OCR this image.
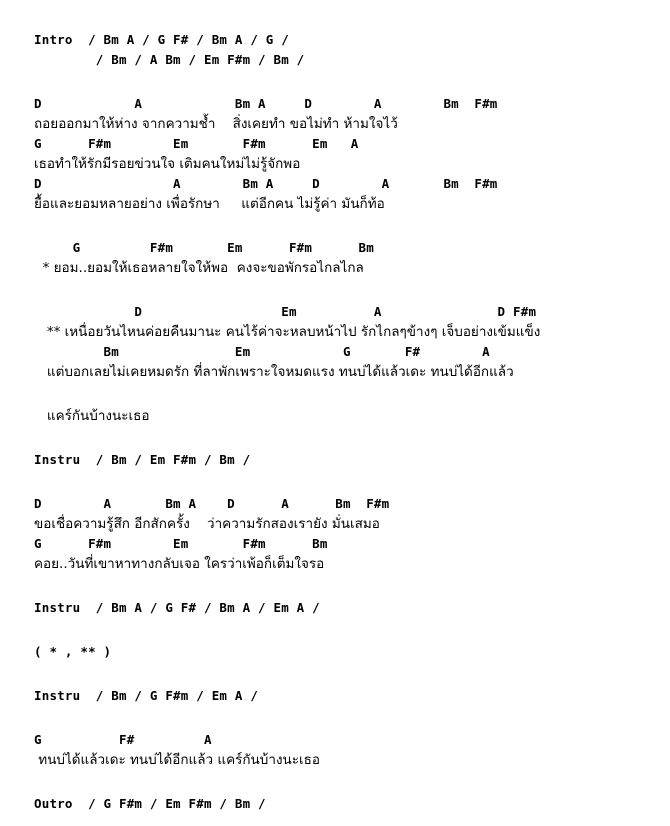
Intro  / Bm A / G F# / Bm A / G /
/ Bm / A Bm / Em F#m / Bm /
D            A            Bm A     D        A        Bm  F#m
ถอยออกมาให้ห่าง จากความช้ำ    สิ่งเคยทำ ขอไม่ทำ ห้ามใจไว้
G      F#m        Em       F#m      Em   A
เธอทำให้รักมีรอยข่วนใจ เติมคนใหม่ไม่รู้จักพอ
D                 A        Bm A     D        A       Bm  F#m
ยื้อและยอมหลายอย่าง เพื่อรักษา     แต่อีกคน ไม่รู้ค่า มันก็ท้อ
G         F#m       Em      F#m      Bm
* ยอม..ยอมให้เธอหลายใจให้พอ  คงจะขอพักรอไกลไกล
D                  Em          A               D F#m
** เหนื่อยวันไหนค่อยคืนมานะ คนไร้ค่าจะหลบหน้าไป รักไกลๆข้างๆ เจ็บอย่างเข้มแข็ง
Bm               Em            G       F#        A
แต่บอกเลยไม่เคยหมดรัก ที่ลาพักเพราะใจหมดแรง ทนบ่ได้แล้วเดะ ทนบ่ได้อีกแล้ว
แคร์กันบ้างนะเธอ
Instru  / Bm / Em F#m / Bm /
D        A       Bm A    D      A      Bm  F#m
ขอเชื่อความรู้สึก อีกสักครั้ง    ว่าความรักสองเรายัง มั่นเสมอ
G      F#m        Em       F#m      Bm
คอย..วันที่เขาหาทางกลับเจอ ใครว่าเพ้อก็เต็มใจรอ
Instru  / Bm A / G F# / Bm A / Em A /
( * , ** )
Instru  / Bm / G F#m / Em A /
G          F#         A
ทนบ่ได้แล้วเดะ ทนบ่ได้อีกแล้ว แคร์กันบ้างนะเธอ
Outro  / G F#m / Em F#m / Bm /
